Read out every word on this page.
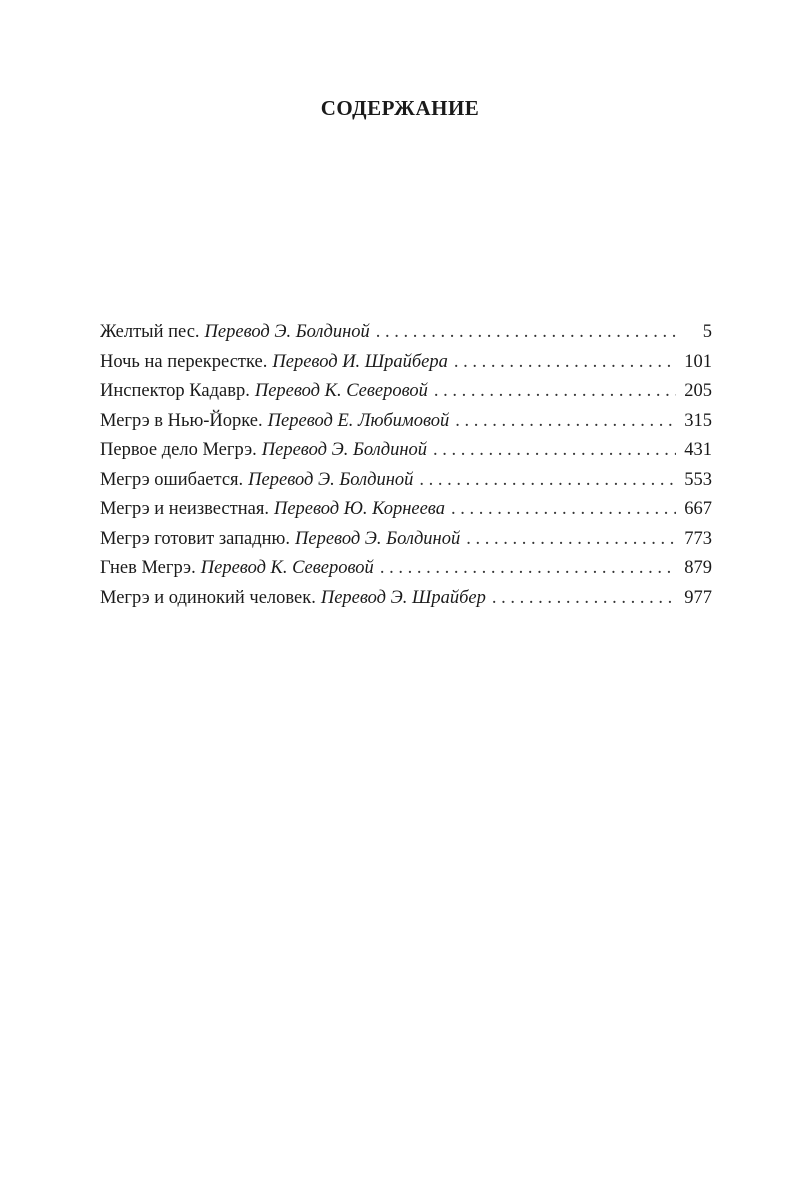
СОДЕРЖАНИЕ
Желтый пес. Перевод Э. Болдиной . . .	5
Ночь на перекрестке. Перевод И. Шрайбера . . .	101
Инспектор Кадавр. Перевод К. Северовой . . .	205
Мегрэ в Нью-Йорке. Перевод Е. Любимовой . . .	315
Первое дело Мегрэ. Перевод Э. Болдиной . . .	431
Мегрэ ошибается. Перевод Э. Болдиной . . .	553
Мегрэ и неизвестная. Перевод Ю. Корнеева . . .	667
Мегрэ готовит западню. Перевод Э. Болдиной . . .	773
Гнев Мегрэ. Перевод К. Северовой . . .	879
Мегрэ и одинокий человек. Перевод Э. Шрайбер . . .	977
